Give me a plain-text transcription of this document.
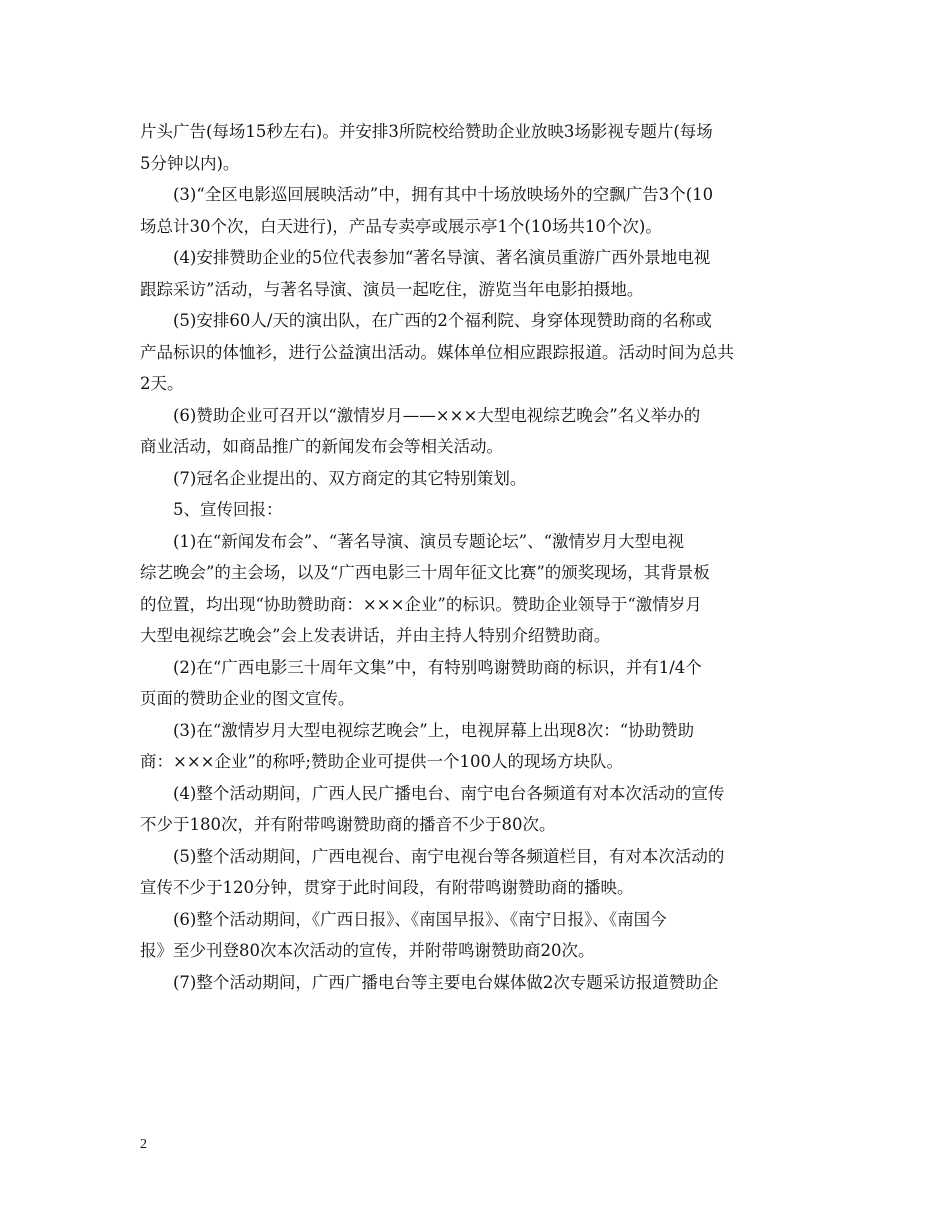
片头广告(每场15秒左右)。并安排3所院校给赞助企业放映3场影视专题片(每场
5分钟以内)。
(3)“全区电影巡回展映活动”中，拥有其中十场放映场外的空飘广告3个(10
场总计30个次，白天进行)，产品专卖亭或展示亭1个(10场共10个次)。
(4)安排赞助企业的5位代表参加“著名导演、著名演员重游广西外景地电视
跟踪采访”活动，与著名导演、演员一起吃住，游览当年电影拍摄地。
(5)安排60人/天的演出队，在广西的2个福利院、身穿体现赞助商的名称或
产品标识的体恤衫，进行公益演出活动。媒体单位相应跟踪报道。活动时间为总共
2天。
(6)赞助企业可召开以“激情岁月——×××大型电视综艺晚会”名义举办的
商业活动，如商品推广的新闻发布会等相关活动。
(7)冠名企业提出的、双方商定的其它特别策划。
5、宣传回报：
(1)在“新闻发布会”、“著名导演、演员专题论坛”、“激情岁月大型电视
综艺晚会”的主会场，以及“广西电影三十周年征文比赛”的颁奖现场，其背景板
的位置，均出现“协助赞助商：×××企业”的标识。赞助企业领导于“激情岁月
大型电视综艺晚会”会上发表讲话，并由主持人特别介绍赞助商。
(2)在“广西电影三十周年文集”中，有特别鸣谢赞助商的标识，并有1/4个
页面的赞助企业的图文宣传。
(3)在“激情岁月大型电视综艺晚会”上，电视屏幕上出现8次：“协助赞助
商：×××企业”的称呼;赞助企业可提供一个100人的现场方块队。
(4)整个活动期间，广西人民广播电台、南宁电台各频道有对本次活动的宣传
不少于180次，并有附带鸣谢赞助商的播音不少于80次。
(5)整个活动期间，广西电视台、南宁电视台等各频道栏目，有对本次活动的
宣传不少于120分钟，贯穿于此时间段，有附带鸣谢赞助商的播映。
(6)整个活动期间，《广西日报》、《南国早报》、《南宁日报》、《南国今
报》至少刊登80次本次活动的宣传，并附带鸣谢赞助商20次。
(7)整个活动期间，广西广播电台等主要电台媒体做2次专题采访报道赞助企
2
